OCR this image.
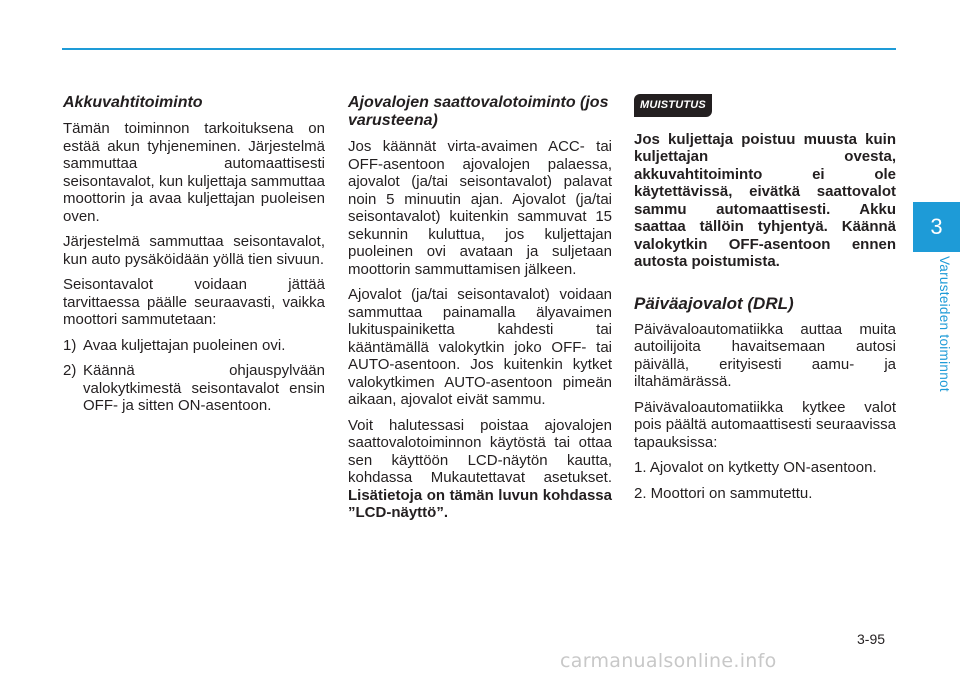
Akkuvahtitoiminto

Tämän toiminnon tarkoituksena on estää akun tyhjeneminen. Järjestelmä sammuttaa automaattisesti seisontavalot, kun kuljettaja sammuttaa moottorin ja avaa kuljettajan puoleisen oven.

Järjestelmä sammuttaa seisontavalot, kun auto pysäköidään yöllä tien sivuun.

Seisontavalot voidaan jättää tarvittaessa päälle seuraavasti, vaikka moottori sammutetaan:

1) Avaa kuljettajan puoleinen ovi.
2) Käännä ohjauspylvään valokytkimestä seisontavalot ensin OFF- ja sitten ON-asentoon.
Ajovalojen saattovalotoiminto (jos varusteena)

Jos käännät virta-avaimen ACC- tai OFF-asentoon ajovalojen palaessa, ajovalot (ja/tai seisontavalot) palavat noin 5 minuutin ajan. Ajovalot (ja/tai seisontavalot) kuitenkin sammuvat 15 sekunnin kuluttua, jos kuljettajan puoleinen ovi avataan ja suljetaan moottorin sammuttamisen jälkeen.

Ajovalot (ja/tai seisontavalot) voidaan sammuttaa painamalla älyavaimen lukituspainiketta kahdesti tai kääntämällä valokytkin joko OFF- tai AUTO-asentoon. Jos kuitenkin kytket valokytkimen AUTO-asentoon pimeän aikaan, ajovalot eivät sammu.

Voit halutessasi poistaa ajovalojen saattovalotoiminnon käytöstä tai ottaa sen käyttöön LCD-näytön kautta, kohdassa Mukautettavat asetukset. Lisätietoja on tämän luvun kohdassa ”LCD-näyttö”.

MUISTUTUS

Jos kuljettaja poistuu muusta kuin kuljettajan ovesta, akkuvahtitoiminto ei ole käytettävissä, eivätkä saattovalot sammu automaattisesti. Akku saattaa tällöin tyhjentyä. Käännä valokytkin OFF-asentoon ennen autosta poistumista.

Päiväajovalot (DRL)

Päivävaloautomatiikka auttaa muita autoilijoita havaitsemaan autosi päivällä, erityisesti aamu- ja iltahämärässä.

Päivävaloautomatiikka kytkee valot pois päältä automaattisesti seuraavissa tapauksissa:

1. Ajovalot on kytketty ON-asentoon.
2. Moottori on sammutettu.
3
Varusteiden toiminnot
3-95
carmanualsonline.info
